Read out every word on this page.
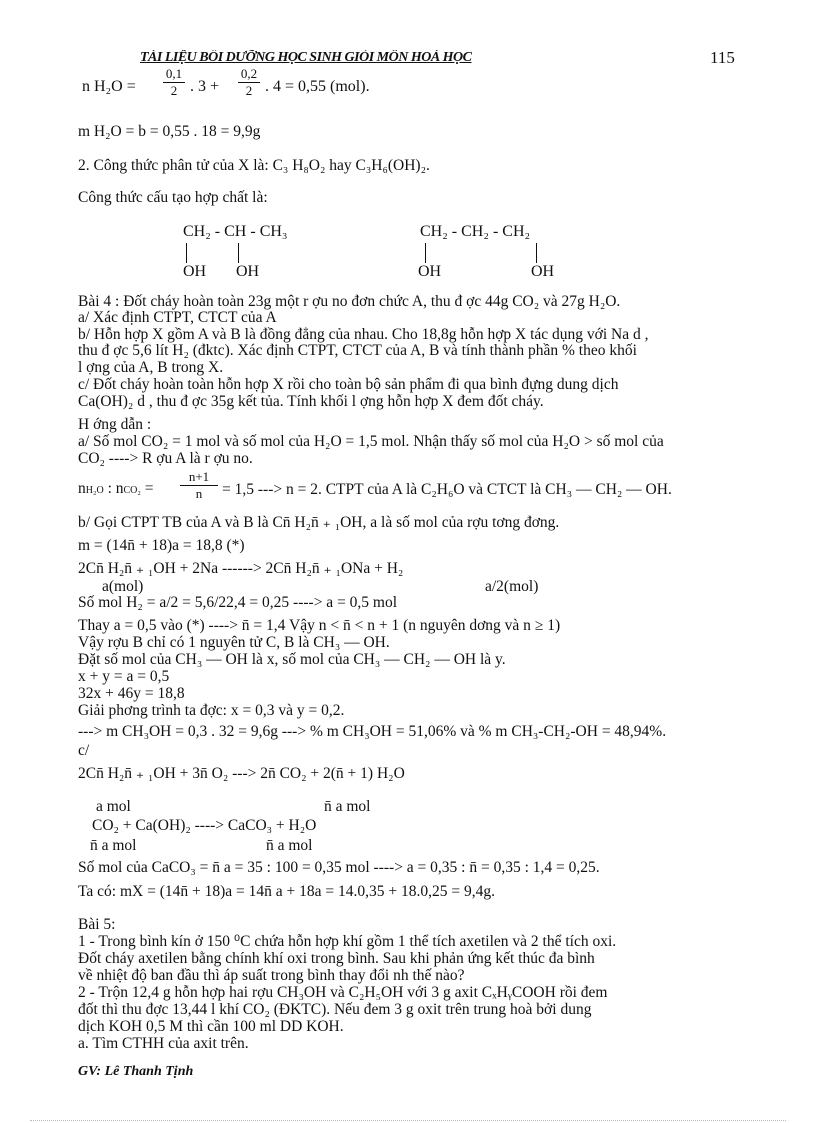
TÀI LIỆU BỒI DƯỠNG HỌC SINH GIỎI MÔN HOÁ HỌC	115
n $H_2O = \frac{0,1}{2}$ . $3 + \frac{0,2}{2}$ . 4 = 0,55 (mol).
m H₂O = b = 0,55 . 18 = 9,9g
2. Công thức phân tử của X là: C₃ H₈O₂ hay C₃H₆(OH)₂.
Công thức cấu tạo hợp chất là:
CH₂ - CH - CH₃
OH OH
CH₂ - CH₂ - CH₂
OH	OH
Bài 4 : Đốt cháy hoàn toàn 23g một r ợu no đơn chức A, thu đ ợc 44g CO₂ và 27g H₂O.
a/ Xác định CTPT, CTCT của A
b/ Hỗn hợp X gồm A và B là đồng đẳng của nhau. Cho 18,8g hỗn hợp X tác dụng với Na d ,
thu đ ợc 5,6 lít H₂ (đktc). Xác định CTPT, CTCT của A, B và tính thành phần % theo khối
l ợng của A, B trong X.
c/ Đốt cháy hoàn toàn hỗn hợp X rồi cho toàn bộ sản phẩm đi qua bình đựng dung dịch
Ca(OH)₂ d , thu đ ợc 35g kết tủa. Tính khối l ợng hỗn hợp X đem đốt cháy.
H ớng dẫn :
a/ Số mol CO₂ = 1 mol và số mol của H₂O = 1,5 mol. Nhận thấy số mol của H₂O > số mol của
CO₂ ----> R ợu A là r ợu no.
nH₂O : $nCO_2 = \frac{n+1}{n} = 1,5$ ---> n = 2. CTPT của A là C₂H₆O và CTCT là CH₃ — CH₂ — OH.
b/ Gọi CTPT TB của A và B là Cn̄ H₂n̄ ₊ ₁OH, a là số mol của rợu tơng đơng.
m = (14n̄ + 18)a = 18,8 (*)
2Cn̄ H₂n̄ ₊ ₁OH + 2Na ------> 2Cn̄ H₂n̄ ₊ ₁ONa + H₂
a(mol)	a/2(mol)
Số mol H₂ = a/2 = 5,6/22,4 = 0,25 ----> a = 0,5 mol
Thay a = 0,5 vào (*) ----> n̄ = 1,4 Vậy n < n̄ < n + 1 (n nguyên dơng và n ≥ 1)
Vậy rợu B chỉ có 1 nguyên tử C, B là CH₃ — OH.
Đặt số mol của CH₃ — OH là x, số mol của CH₃ — CH₂ — OH là y.
x + y = a = 0,5
32x + 46y = 18,8
Giải phơng trình ta đợc: x = 0,3 và y = 0,2.
---> m CH₃OH = 0,3 . 32 = 9,6g ---> % m CH₃OH = 51,06% và % m CH₃-CH₂-OH = 48,94%.
c/
2Cn̄ H₂n̄ ₊ ₁OH + 3n̄ O₂ ---> 2n̄ CO₂ + 2(n̄ + 1) H₂O
a mol	n̄ a mol
CO₂ + Ca(OH)₂ ----> CaCO₃ + H₂O
n̄ a mol	n̄ a mol
Số mol của CaCO₃ = n̄ a = 35 : 100 = 0,35 mol ----> a = 0,35 : n̄ = 0,35 : 1,4 = 0,25.
Ta có: mX = (14n̄ + 18)a = 14n̄ a + 18a = 14.0,35 + 18.0,25 = 9,4g.
Bài 5:
1 - Trong bình kín ở 150 ⁰C chứa hỗn hợp khí gồm 1 thể tích axetilen và 2 thể tích oxi.
Đốt cháy axetilen bằng chính khí oxi trong bình. Sau khi phản ứng kết thúc đa bình
về nhiệt độ ban đầu thì áp suất trong bình thay đổi nh thế nào?
2 - Trộn 12,4 g hỗn hợp hai rợu CH₃OH và C₂H₅OH với 3 g axit CₓHᵧCOOH rồi đem
đốt thì thu đợc 13,44 l khí CO₂ (ĐKTC). Nếu đem 3 g oxit trên trung hoà bởi dung
dịch KOH 0,5 M thì cần 100 ml DD KOH.
a. Tìm CTHH của axit trên.
GV: Lê Thanh Tịnh
